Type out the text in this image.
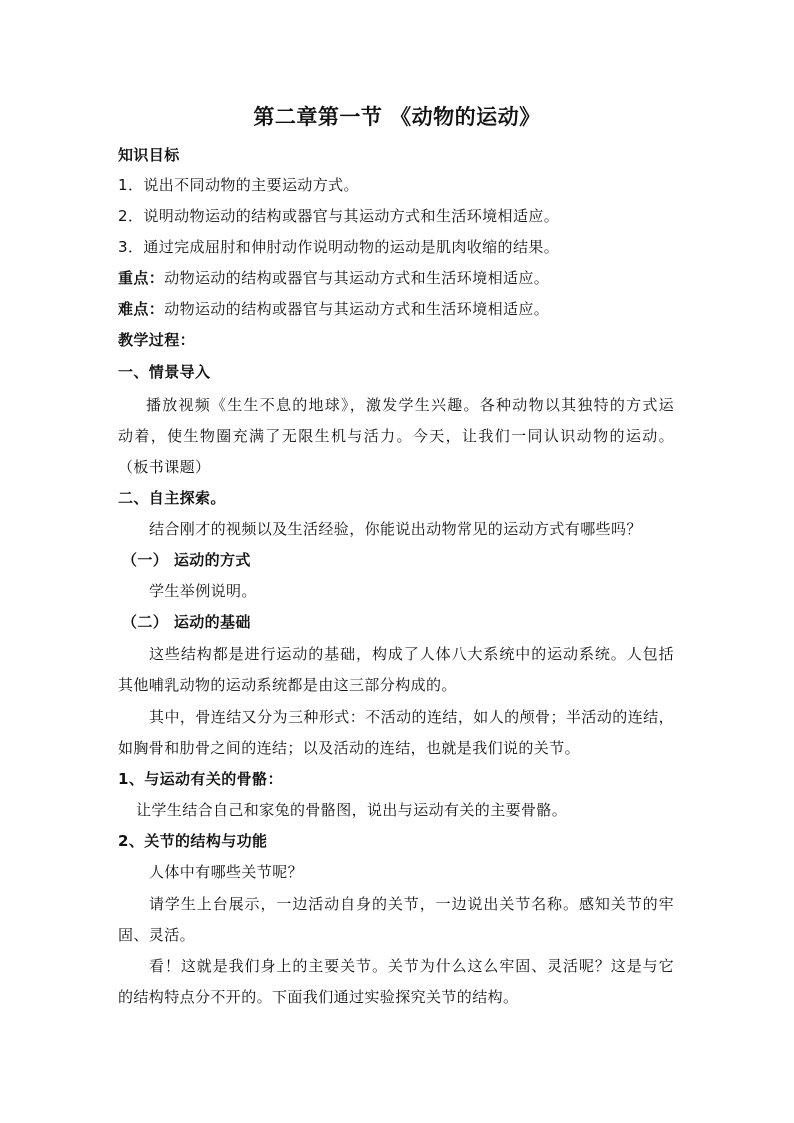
第二章第一节 《动物的运动》
知识目标
1．说出不同动物的主要运动方式。
2．说明动物运动的结构或器官与其运动方式和生活环境相适应。
3．通过完成屈肘和伸肘动作说明动物的运动是肌肉收缩的结果。
重点：动物运动的结构或器官与其运动方式和生活环境相适应。
难点：动物运动的结构或器官与其运动方式和生活环境相适应。
教学过程：
一、情景导入
播放视频《生生不息的地球》，激发学生兴趣。各种动物以其独特的方式运
动着，使生物圈充满了无限生机与活力。今天，让我们一同认识动物的运动。
（板书课题）
二、自主探索。
结合刚才的视频以及生活经验，你能说出动物常见的运动方式有哪些吗？
（一） 运动的方式
学生举例说明。
（二） 运动的基础
这些结构都是进行运动的基础，构成了人体八大系统中的运动系统。人包括
其他哺乳动物的运动系统都是由这三部分构成的。
其中，骨连结又分为三种形式：不活动的连结，如人的颅骨；半活动的连结，
如胸骨和肋骨之间的连结；以及活动的连结，也就是我们说的关节。
1、与运动有关的骨骼：
让学生结合自己和家兔的骨骼图，说出与运动有关的主要骨骼。
2、关节的结构与功能
人体中有哪些关节呢？
请学生上台展示，一边活动自身的关节，一边说出关节名称。感知关节的牢
固、灵活。
看！这就是我们身上的主要关节。关节为什么这么牢固、灵活呢？这是与它
的结构特点分不开的。下面我们通过实验探究关节的结构。
